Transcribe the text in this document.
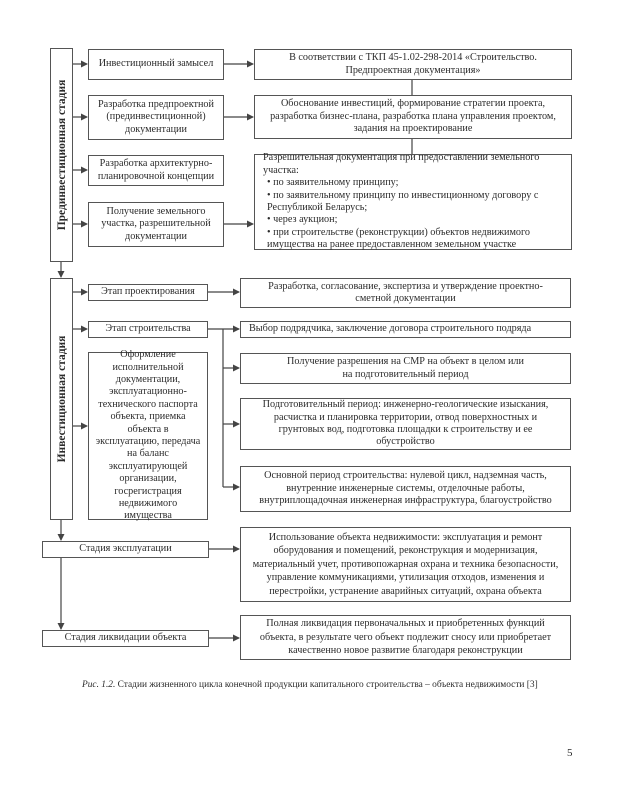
Прединвестиционная стадия
Инвестиционный замысел
Разработка предпроектной (прединвестиционной) документации
Разработка архитектурно-планировочной концепции
Получение земельного участка, разрешительной документации
В соответствии с ТКП 45-1.02-298-2014 «Строительство. Предпроектная документация»
Обоснование инвестиций, формирование стратегии проекта, разработка бизнес-плана, разработка плана управления проектом, задания на проектирование
Разрешительная документация при предоставлении земельного участка:
• по заявительному принципу;
• по заявительному принципу по инвестиционному договору с Республикой Беларусь;
• через аукцион;
• при строительстве (реконструкции) объектов недвижимого имущества на ранее предоставленном земельном участке
Инвестиционная стадия
Этап проектирования
Этап строительства
Оформление исполнительной документации, эксплуатационно-технического паспорта объекта, приемка объекта в эксплуатацию, передача на баланс эксплуатирующей организации, госрегистрация недвижимого имущества
Разработка, согласование, экспертиза и утверждение проектно-сметной документации
Выбор подрядчика, заключение договора строительного подряда
Получение разрешения на СМР на объект в целом или на подготовительный период
Подготовительный период: инженерно-геологические изыскания, расчистка и планировка территории, отвод поверхностных и грунтовых вод, подготовка площадки к строительству и ее обустройство
Основной период строительства: нулевой цикл, надземная часть, внутренние инженерные системы, отделочные работы, внутриплощадочная инженерная инфраструктура, благоустройство
Стадия эксплуатации
Использование объекта недвижимости: эксплуатация и ремонт оборудования и помещений, реконструкция и модернизация, материальный учет, противопожарная охрана и техника безопасности, управление коммуникациями, утилизация отходов, изменения и перестройки, устранение аварийных ситуаций, охрана объекта
Стадия ликвидации объекта
Полная ликвидация первоначальных и приобретенных функций объекта, в результате чего объект подлежит сносу или приобретает качественно новое развитие благодаря реконструкции
Рис. 1.2. Стадии жизненного цикла конечной продукции капитального строительства – объекта недвижимости [3]
5
